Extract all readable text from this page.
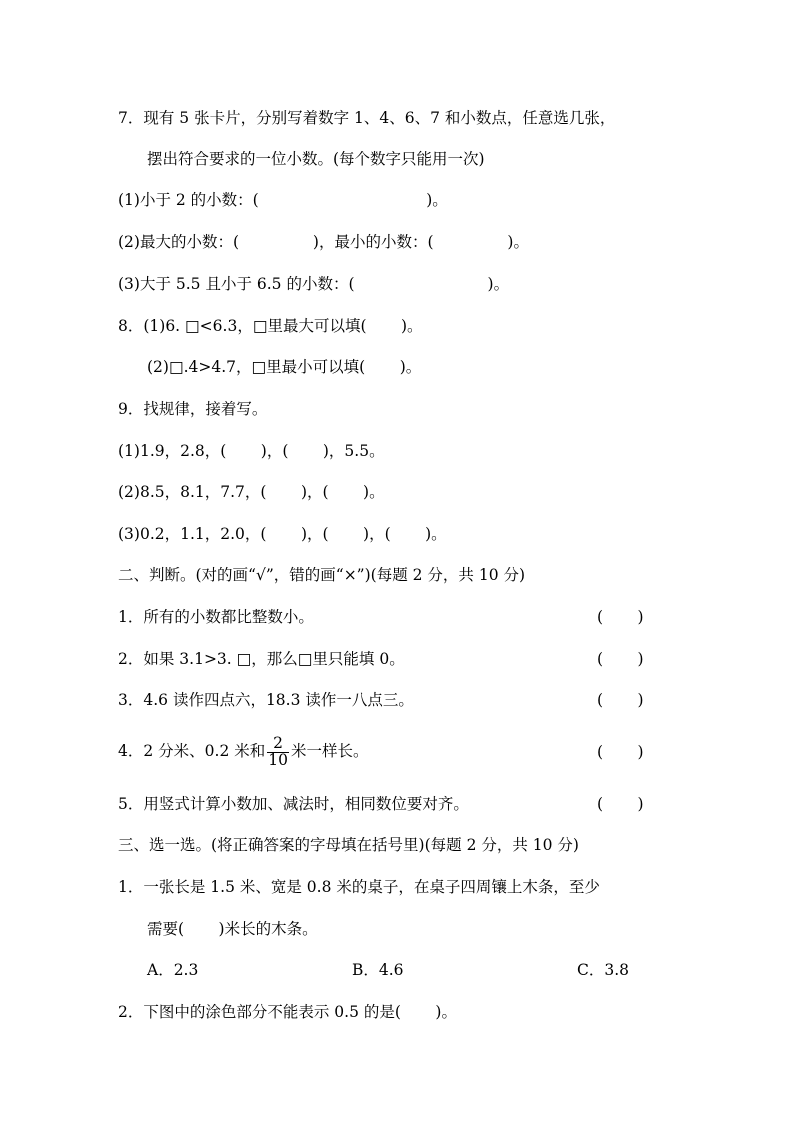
7．现有 5 张卡片，分别写着数字 1、4、6、7 和小数点，任意选几张，
摆出符合要求的一位小数。(每个数字只能用一次)
(1)小于 2 的小数：(                                  )。
(2)最大的小数：(               )，最小的小数：(               )。
(3)大于 5.5 且小于 6.5 的小数：(                           )。
8．(1)6. □<6.3，□里最大可以填(       )。
(2)□.4>4.7，□里最小可以填(       )。
9．找规律，接着写。
(1)1.9，2.8，(       )，(       )，5.5。
(2)8.5，8.1，7.7，(       )，(       )。
(3)0.2，1.1，2.0，(       )，(       )，(       )。
二、判断。(对的画“√”，错的画“×”)(每题 2 分，共 10 分)
1．所有的小数都比整数小。	(       )
2．如果 3.1>3. □，那么□里只能填 0。	(       )
3．4.6 读作四点六，18.3 读作一八点三。	(       )
4．2 分米、0.2 米和 $\frac{2}{10}$ 米一样长。	(       )
5．用竖式计算小数加、减法时，相同数位要对齐。	(       )
三、选一选。(将正确答案的字母填在括号里)(每题 2 分，共 10 分)
1．一张长是 1.5 米、宽是 0.8 米的桌子，在桌子四周镶上木条，至少
需要(       )米长的木条。
A．2.3	B．4.6	C．3.8
2．下图中的涂色部分不能表示 0.5 的是(       )。
